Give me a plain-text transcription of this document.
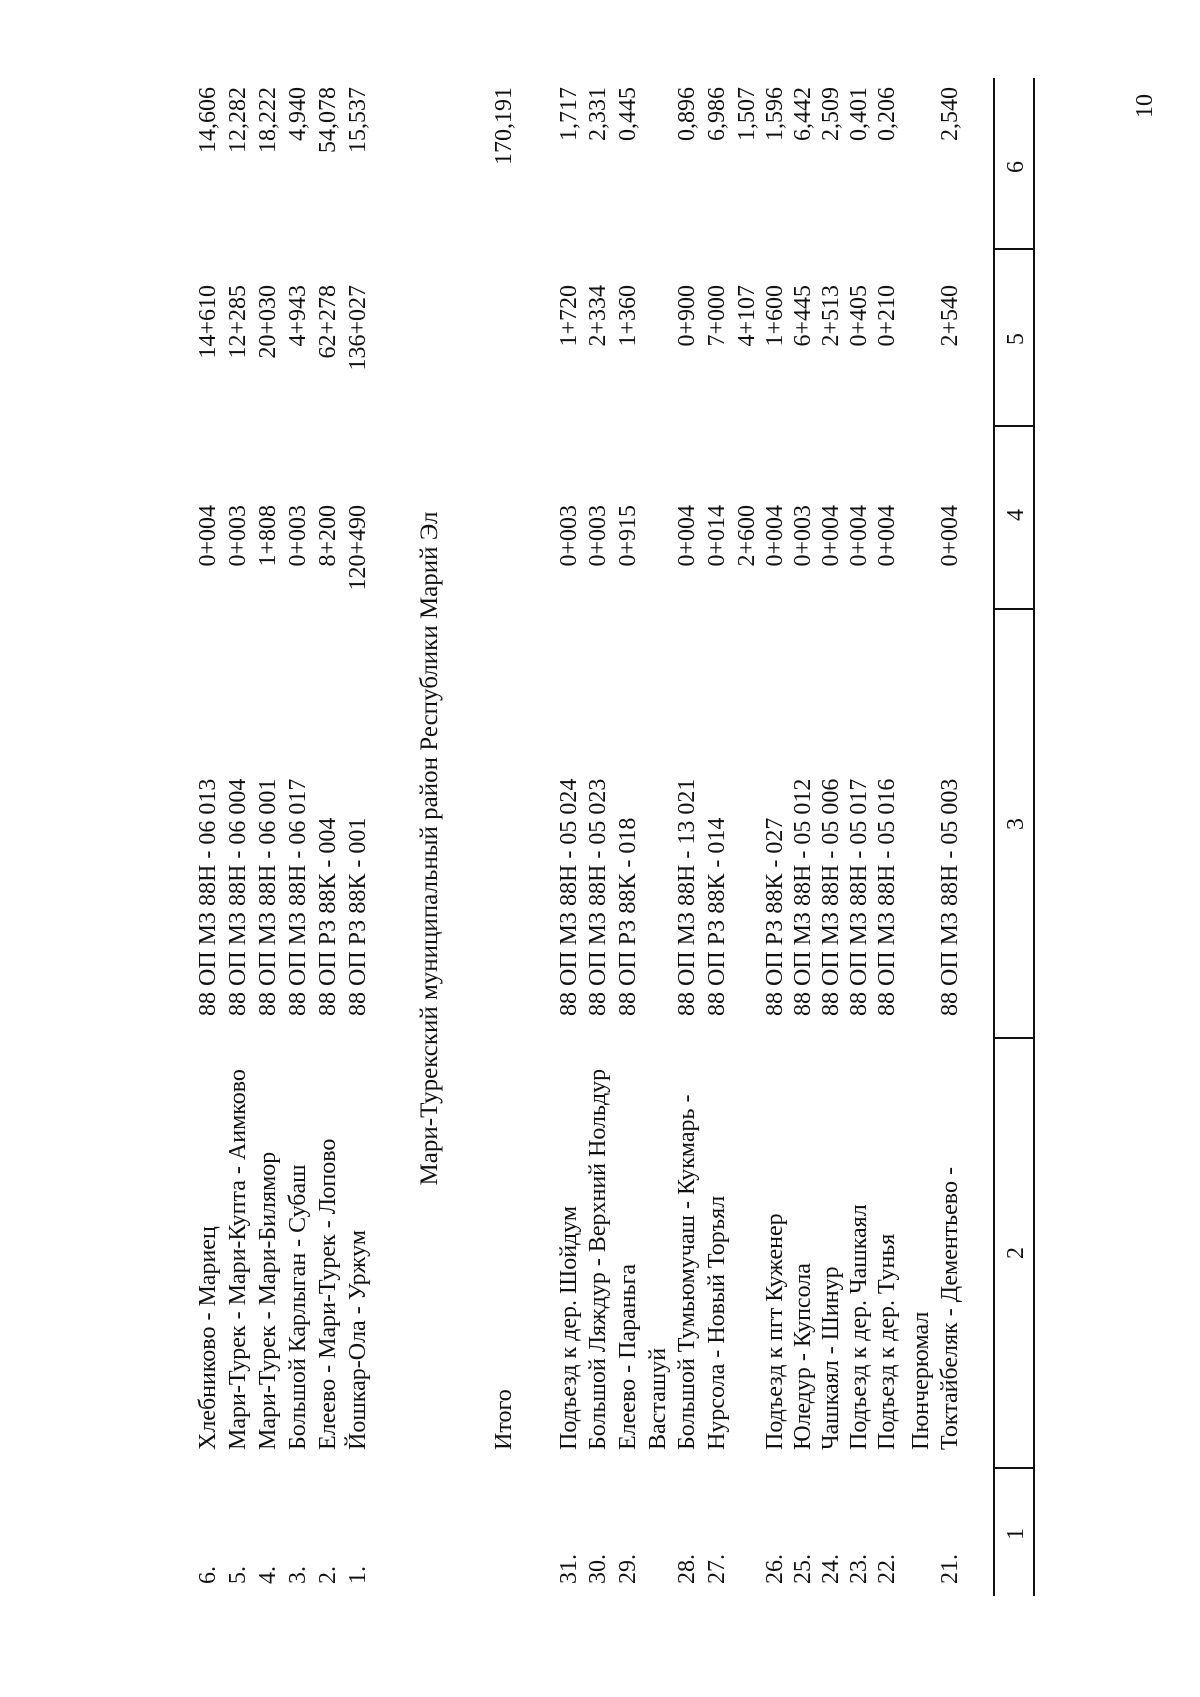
10
1
2
3
4
5
6
21.
Токтайбеляк - Дементьево -
88 ОП МЗ 88Н - 05 003
0+004
2+540
2,540
Пюнчерюмал
22.
Подъезд к дер. Тунья
88 ОП МЗ 88Н - 05 016
0+004
0+210
0,206
23.
Подъезд к дер. Чашкаял
88 ОП МЗ 88Н - 05 017
0+004
0+405
0,401
24.
Чашкаял - Шинур
88 ОП МЗ 88Н - 05 006
0+004
2+513
2,509
25.
Юледур - Купсола
88 ОП МЗ 88Н - 05 012
0+003
6+445
6,442
26.
Подъезд к пгт Куженер
88 ОП РЗ 88К - 027
0+004
1+600
1,596
2+600
4+107
1,507
27.
Нурсола - Новый Торъял
88 ОП РЗ 88К - 014
0+014
7+000
6,986
28.
Большой Тумьюмучаш - Кукмарь -
88 ОП МЗ 88Н - 13 021
0+004
0+900
0,896
Васташуй
29.
Елеево - Параньга
88 ОП РЗ 88К - 018
0+915
1+360
0,445
30.
Большой Ляждур - Верхний Нольдур
88 ОП МЗ 88Н - 05 023
0+003
2+334
2,331
31.
Подъезд к дер. Шойдум
88 ОП МЗ 88Н - 05 024
0+003
1+720
1,717
Итого
170,191
Мари-Турекский муниципальный район Республики Марий Эл
1.
Йошкар-Ола - Уржум
88 ОП РЗ 88К - 001
120+490
136+027
15,537
2.
Елеево - Мари-Турек - Лопово
88 ОП РЗ 88К - 004
8+200
62+278
54,078
3.
Большой Карлыган - Субаш
88 ОП МЗ 88Н - 06 017
0+003
4+943
4,940
4.
Мари-Турек - Мари-Билямор
88 ОП МЗ 88Н - 06 001
1+808
20+030
18,222
5.
Мари-Турек - Мари-Купта - Аимково
88 ОП МЗ 88Н - 06 004
0+003
12+285
12,282
6.
Хлебниково - Мариец
88 ОП МЗ 88Н - 06 013
0+004
14+610
14,606
